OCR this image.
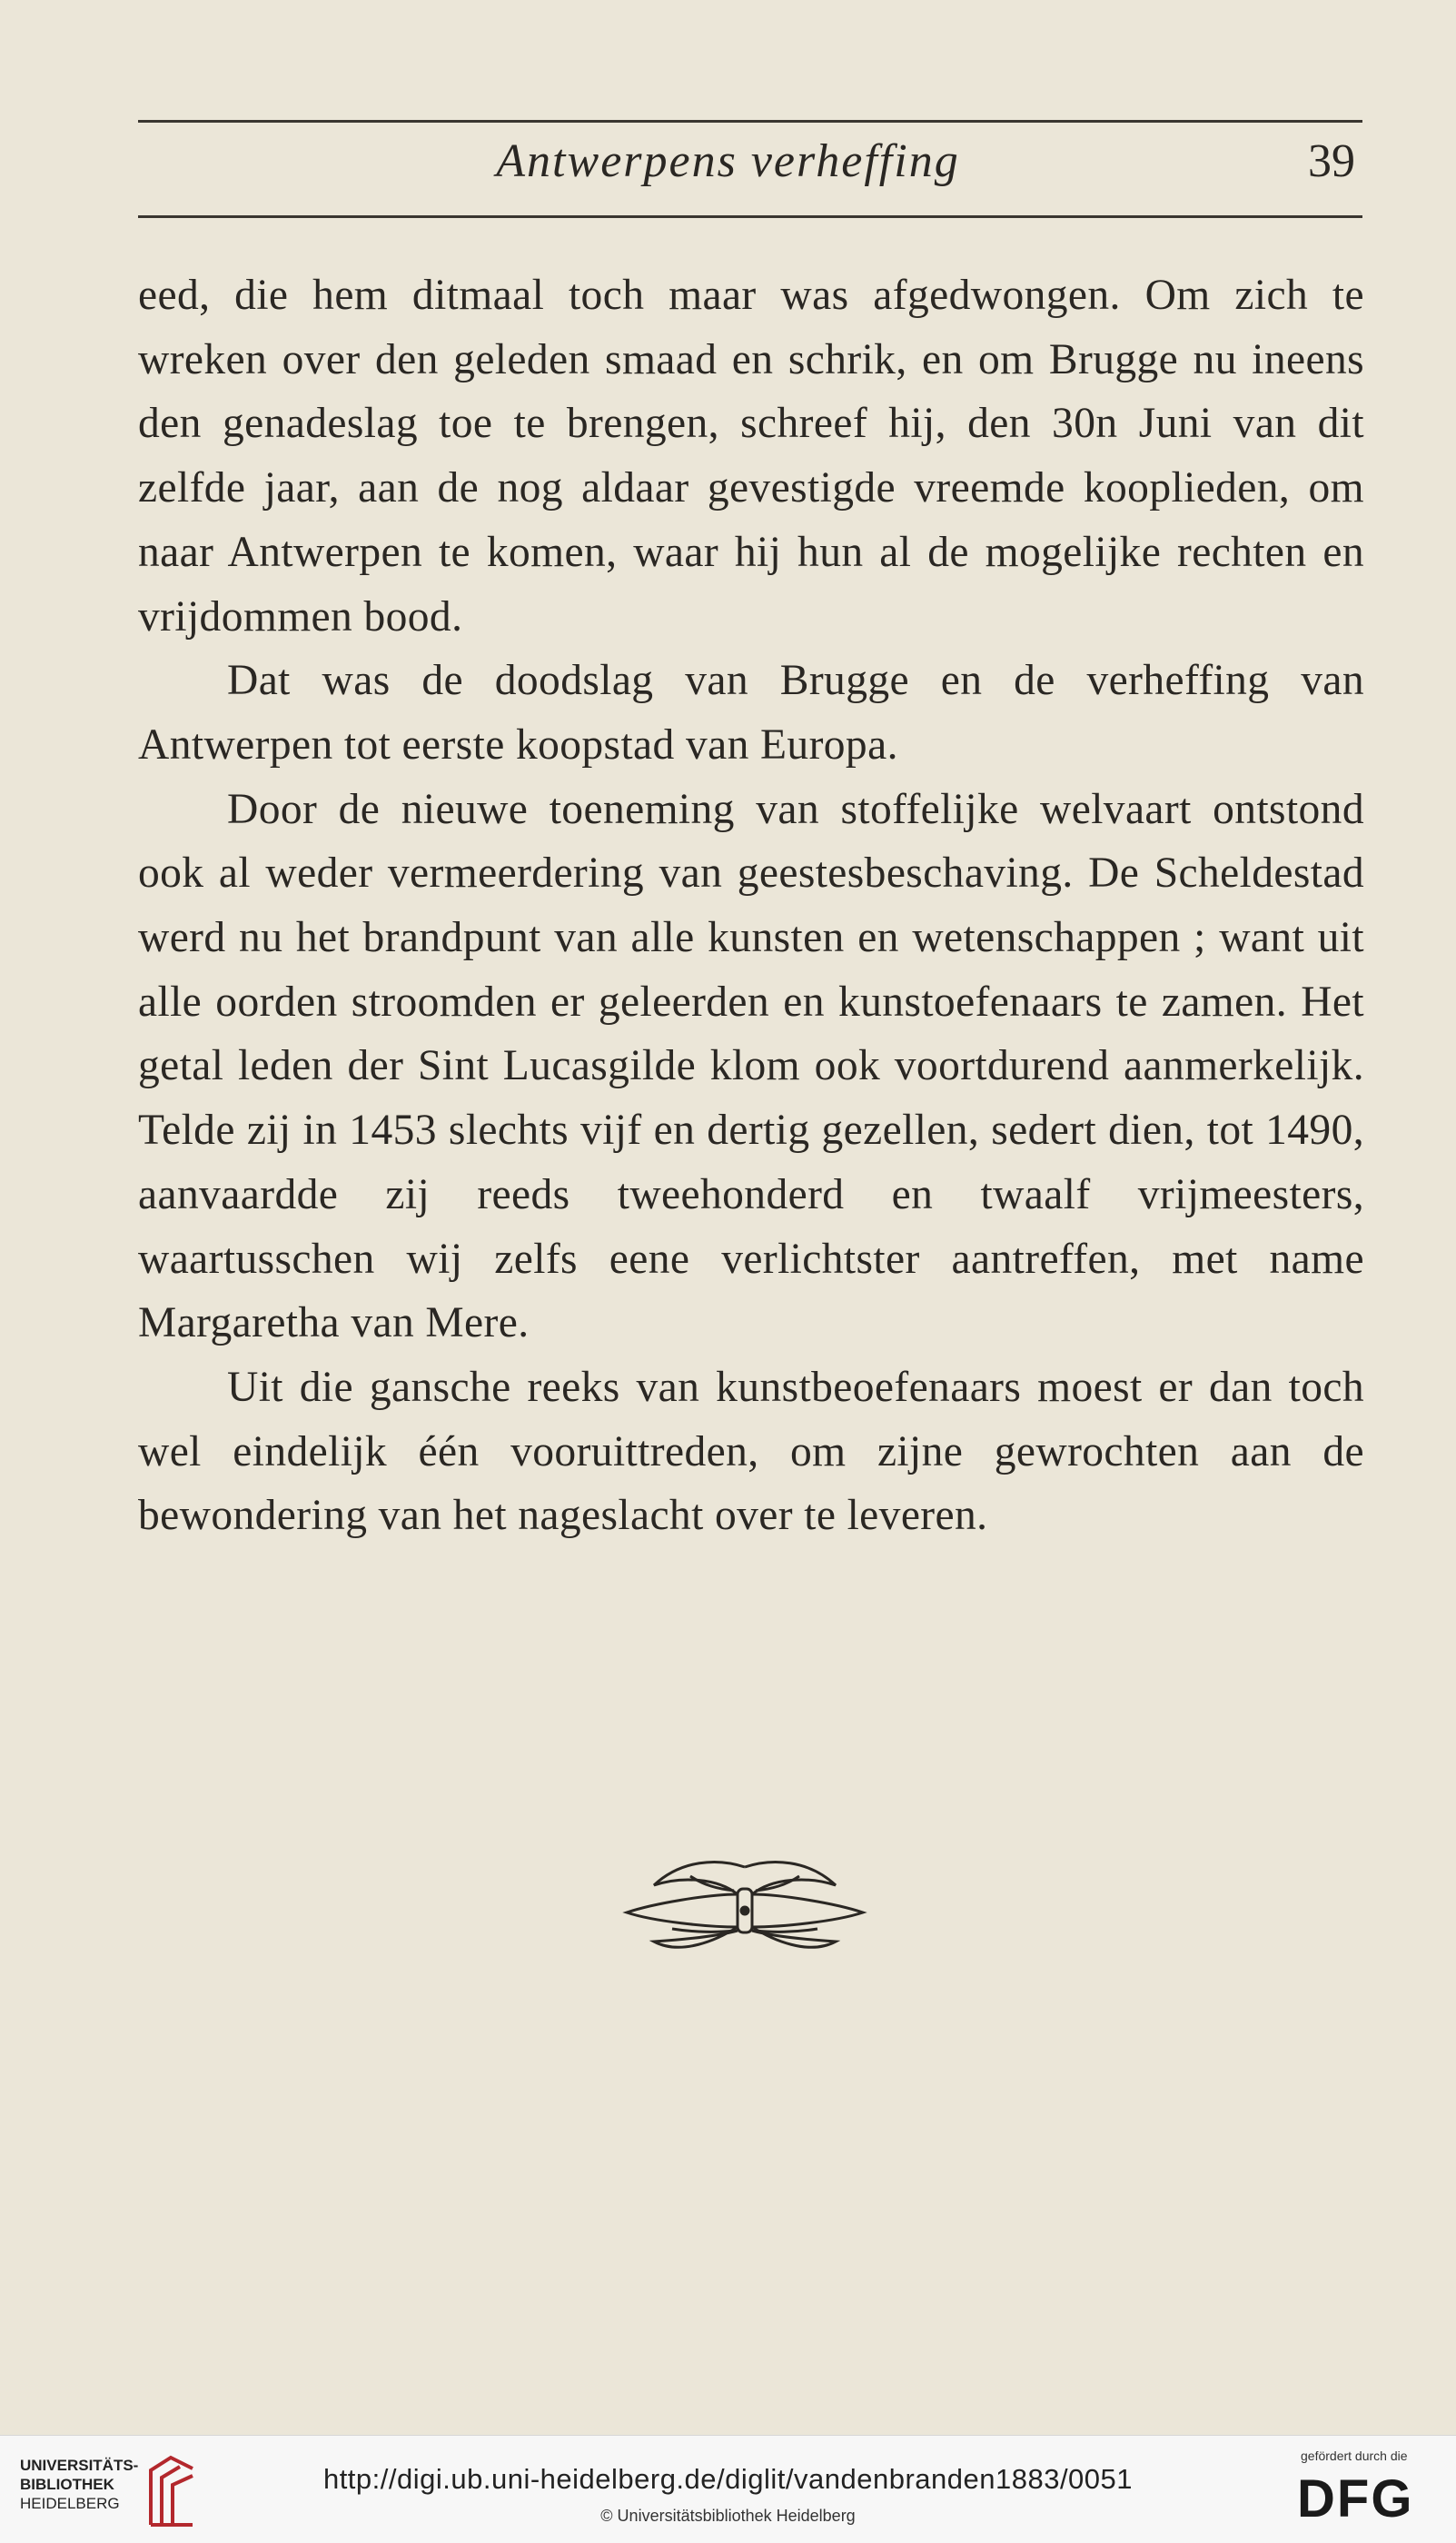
Antwerpens verheffing	39

eed, die hem ditmaal toch maar was afgedwongen. Om zich te wreken over den geleden smaad en schrik, en om Brugge nu ineens den genadeslag toe te brengen, schreef hij, den 30n Juni van dit zelfde jaar, aan de nog aldaar gevestigde vreemde kooplieden, om naar Antwerpen te komen, waar hij hun al de mogelijke rechten en vrijdommen bood.

Dat was de doodslag van Brugge en de verheffing van Antwerpen tot eerste koopstad van Europa.

Door de nieuwe toeneming van stoffelijke welvaart ontstond ook al weder vermeerdering van geestesbeschaving. De Scheldestad werd nu het brandpunt van alle kunsten en wetenschappen ; want uit alle oorden stroomden er geleerden en kunstoefenaars te zamen. Het getal leden der Sint Lucasgilde klom ook voortdurend aanmerkelijk. Telde zij in 1453 slechts vijf en dertig gezellen, sedert dien, tot 1490, aanvaardde zij reeds tweehonderd en twaalf vrijmeesters, waartusschen wij zelfs eene verlichtster aantreffen, met name Margaretha van Mere.

Uit die gansche reeks van kunstbeoefenaars moest er dan toch wel eindelijk één vooruittreden, om zijne gewrochten aan de bewondering van het nageslacht over te leveren.

UNIVERSITÄTS-
BIBLIOTHEK
HEIDELBERG
http://digi.ub.uni-heidelberg.de/diglit/vandenbranden1883/0051
© Universitätsbibliothek Heidelberg
gefördert durch die
DFG
